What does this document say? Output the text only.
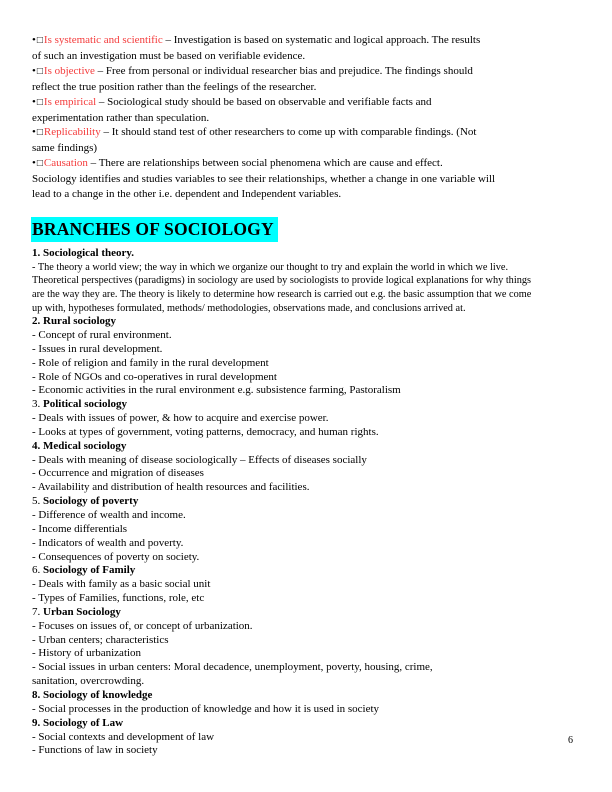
•□Is systematic and scientific – Investigation is based on systematic and logical approach. The results

of such an investigation must be based on verifiable evidence.

•□Is objective – Free from personal or individual researcher bias and prejudice. The findings should

reflect the true position rather than the feelings of the researcher.

•□Is empirical – Sociological study should be based on observable and verifiable facts and

experimentation rather than speculation.

•□Replicability – It should stand test of other researchers to come up with comparable findings. (Not

same findings)

•□Causation – There are relationships between social phenomena which are cause and effect.

Sociology identifies and studies variables to see their relationships, whether a change in one variable will

lead to a change in the other i.e. dependent and Independent variables.

BRANCHES OF SOCIOLOGY

1. Sociological theory.

- The theory a world view; the way in which we organize our thought to try and explain the world in which we live.

Theoretical perspectives (paradigms) in sociology are used by sociologists to provide logical explanations for why things

are the way they are. The theory is likely to determine how research is carried out e.g. the basic assumption that we come

up with, hypotheses formulated, methods/ methodologies, observations made, and conclusions arrived at.

2. Rural sociology

- Concept of rural environment.

- Issues in rural development.

- Role of religion and family in the rural development

- Role of NGOs and co-operatives in rural development

- Economic activities in the rural environment e.g. subsistence farming, Pastoralism

3. Political sociology

- Deals with issues of power, & how to acquire and exercise power.

- Looks at types of government, voting patterns, democracy, and human rights.

4. Medical sociology

- Deals with meaning of disease sociologically – Effects of diseases socially

- Occurrence and migration of diseases

- Availability and distribution of health resources and facilities.

5. Sociology of poverty

- Difference of wealth and income.

- Income differentials

- Indicators of wealth and poverty.

- Consequences of poverty on society.

6. Sociology of Family

- Deals with family as a basic social unit

- Types of Families, functions, role, etc

7. Urban Sociology

- Focuses on issues of, or concept of urbanization.

- Urban centers; characteristics

- History of urbanization

- Social issues in urban centers: Moral decadence, unemployment, poverty, housing, crime,

sanitation, overcrowding.

8. Sociology of knowledge

- Social processes in the production of knowledge and how it is used in society

9. Sociology of Law

- Social contexts and development of law

- Functions of law in society

6
